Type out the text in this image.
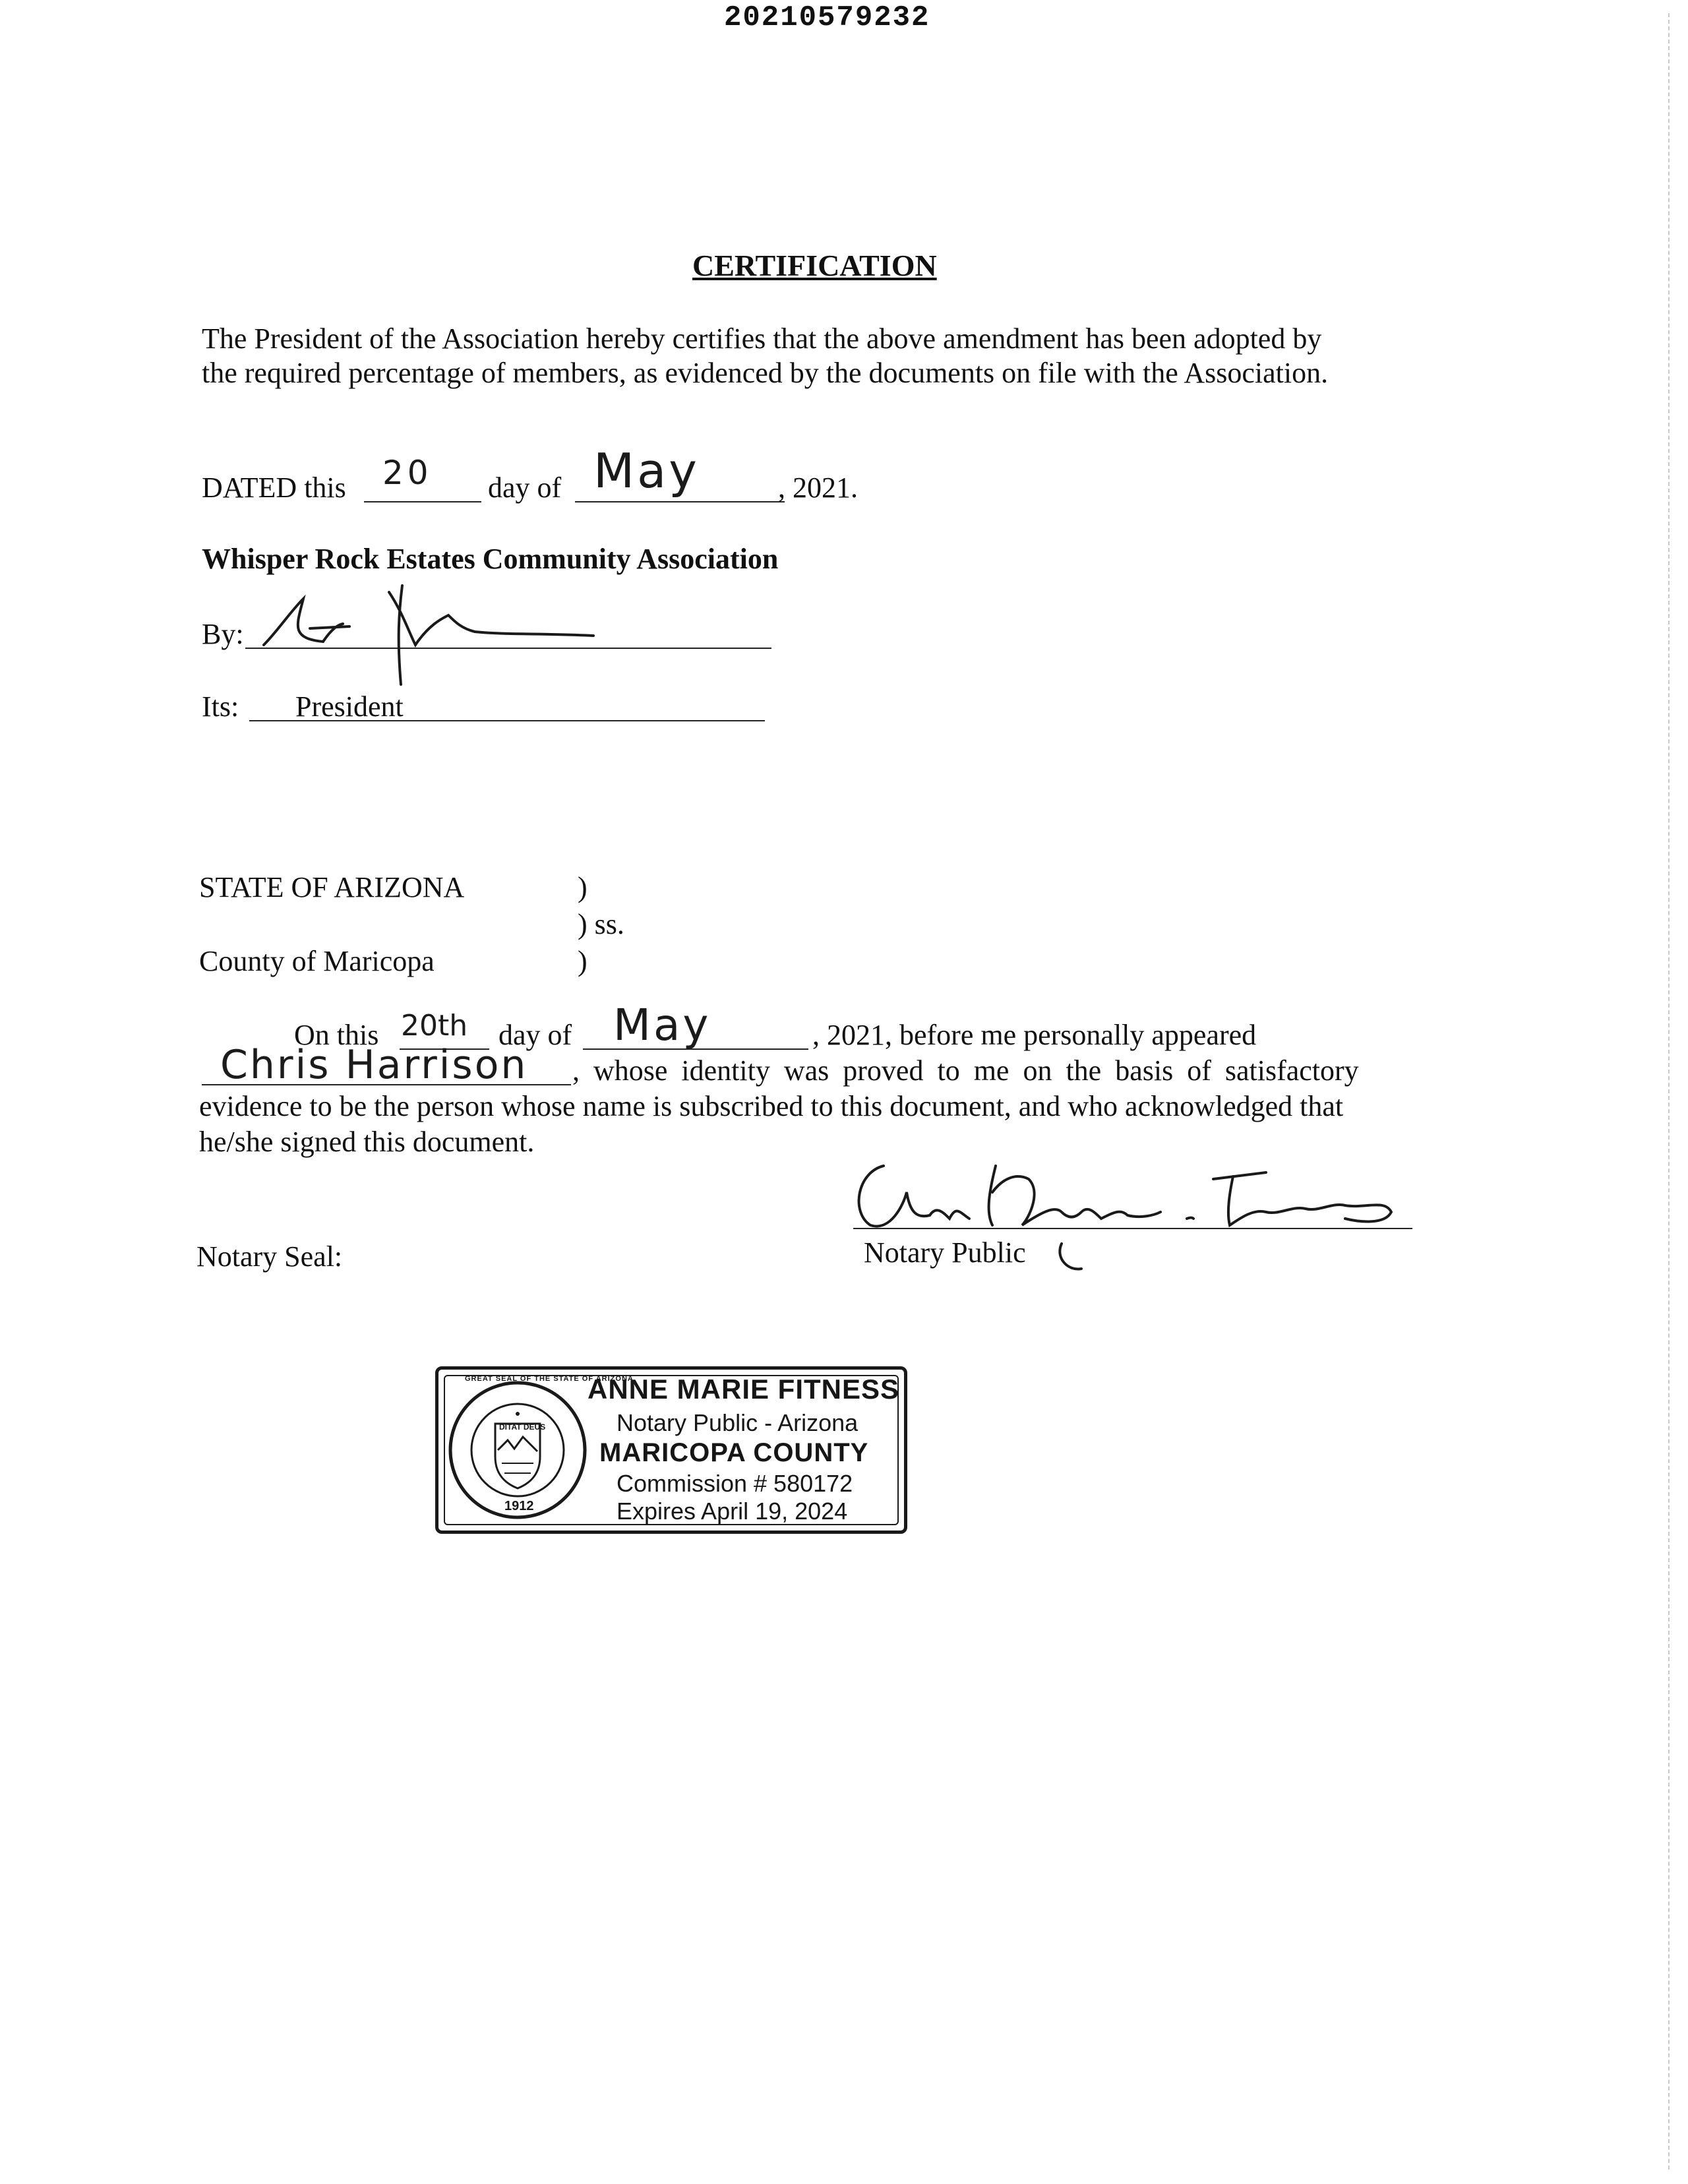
20210579232
CERTIFICATION
The President of the Association hereby certifies that the above amendment has been adopted by
the required percentage of members, as evidenced by the documents on file with the Association.
DATED this 20 day of May	, 2021.
Whisper Rock Estates Community Association
By:
Its: President
STATE OF ARIZONA	)
) ss.
County of Maricopa	)
On this 20th day of May	, 2021, before me personally appeared
Chris Harrison , whose identity was proved to me on the basis of satisfactory
evidence to be the person whose name is subscribed to this document, and who acknowledged that
he/she signed this document.
Notary Seal:	Notary Public
DITAT DEUS
1912
GREAT SEAL OF THE STATE OF ARIZONA
ANNE MARIE FITNESS
Notary Public - Arizona
MARICOPA COUNTY
Commission # 580172
Expires April 19, 2024
